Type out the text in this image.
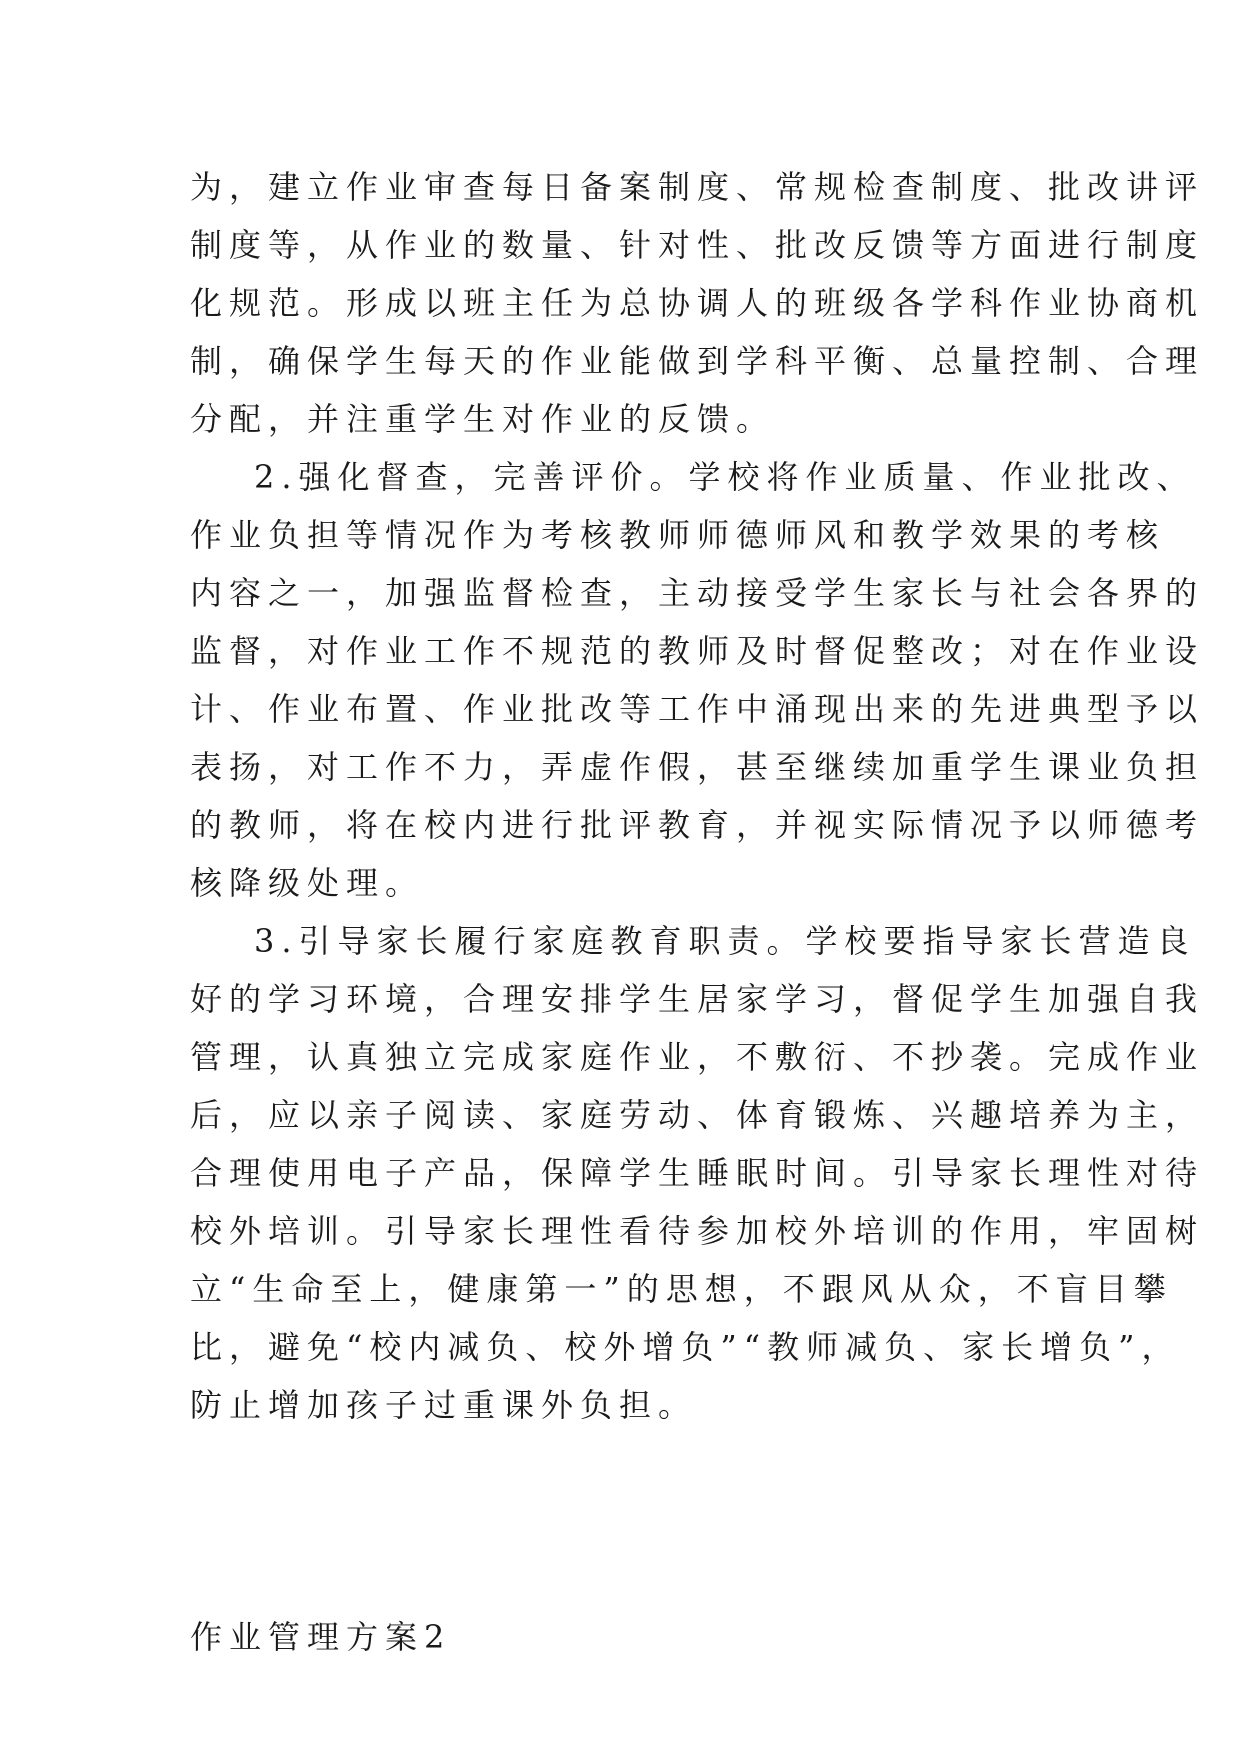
为，建立作业审查每日备案制度、常规检查制度、批改讲评
制度等，从作业的数量、针对性、批改反馈等方面进行制度
化规范。形成以班主任为总协调人的班级各学科作业协商机
制，确保学生每天的作业能做到学科平衡、总量控制、合理
分配，并注重学生对作业的反馈。
2.强化督查，完善评价。学校将作业质量、作业批改、
作业负担等情况作为考核教师师德师风和教学效果的考核
内容之一，加强监督检查，主动接受学生家长与社会各界的
监督，对作业工作不规范的教师及时督促整改；对在作业设
计、作业布置、作业批改等工作中涌现出来的先进典型予以
表扬，对工作不力，弄虚作假，甚至继续加重学生课业负担
的教师，将在校内进行批评教育，并视实际情况予以师德考
核降级处理。
3.引导家长履行家庭教育职责。学校要指导家长营造良
好的学习环境，合理安排学生居家学习，督促学生加强自我
管理，认真独立完成家庭作业，不敷衍、不抄袭。完成作业
后，应以亲子阅读、家庭劳动、体育锻炼、兴趣培养为主，
合理使用电子产品，保障学生睡眠时间。引导家长理性对待
校外培训。引导家长理性看待参加校外培训的作用，牢固树
立“生命至上，健康第一”的思想，不跟风从众，不盲目攀
比，避免“校内减负、校外增负”“教师减负、家长增负”，
防止增加孩子过重课外负担。
作业管理方案2
